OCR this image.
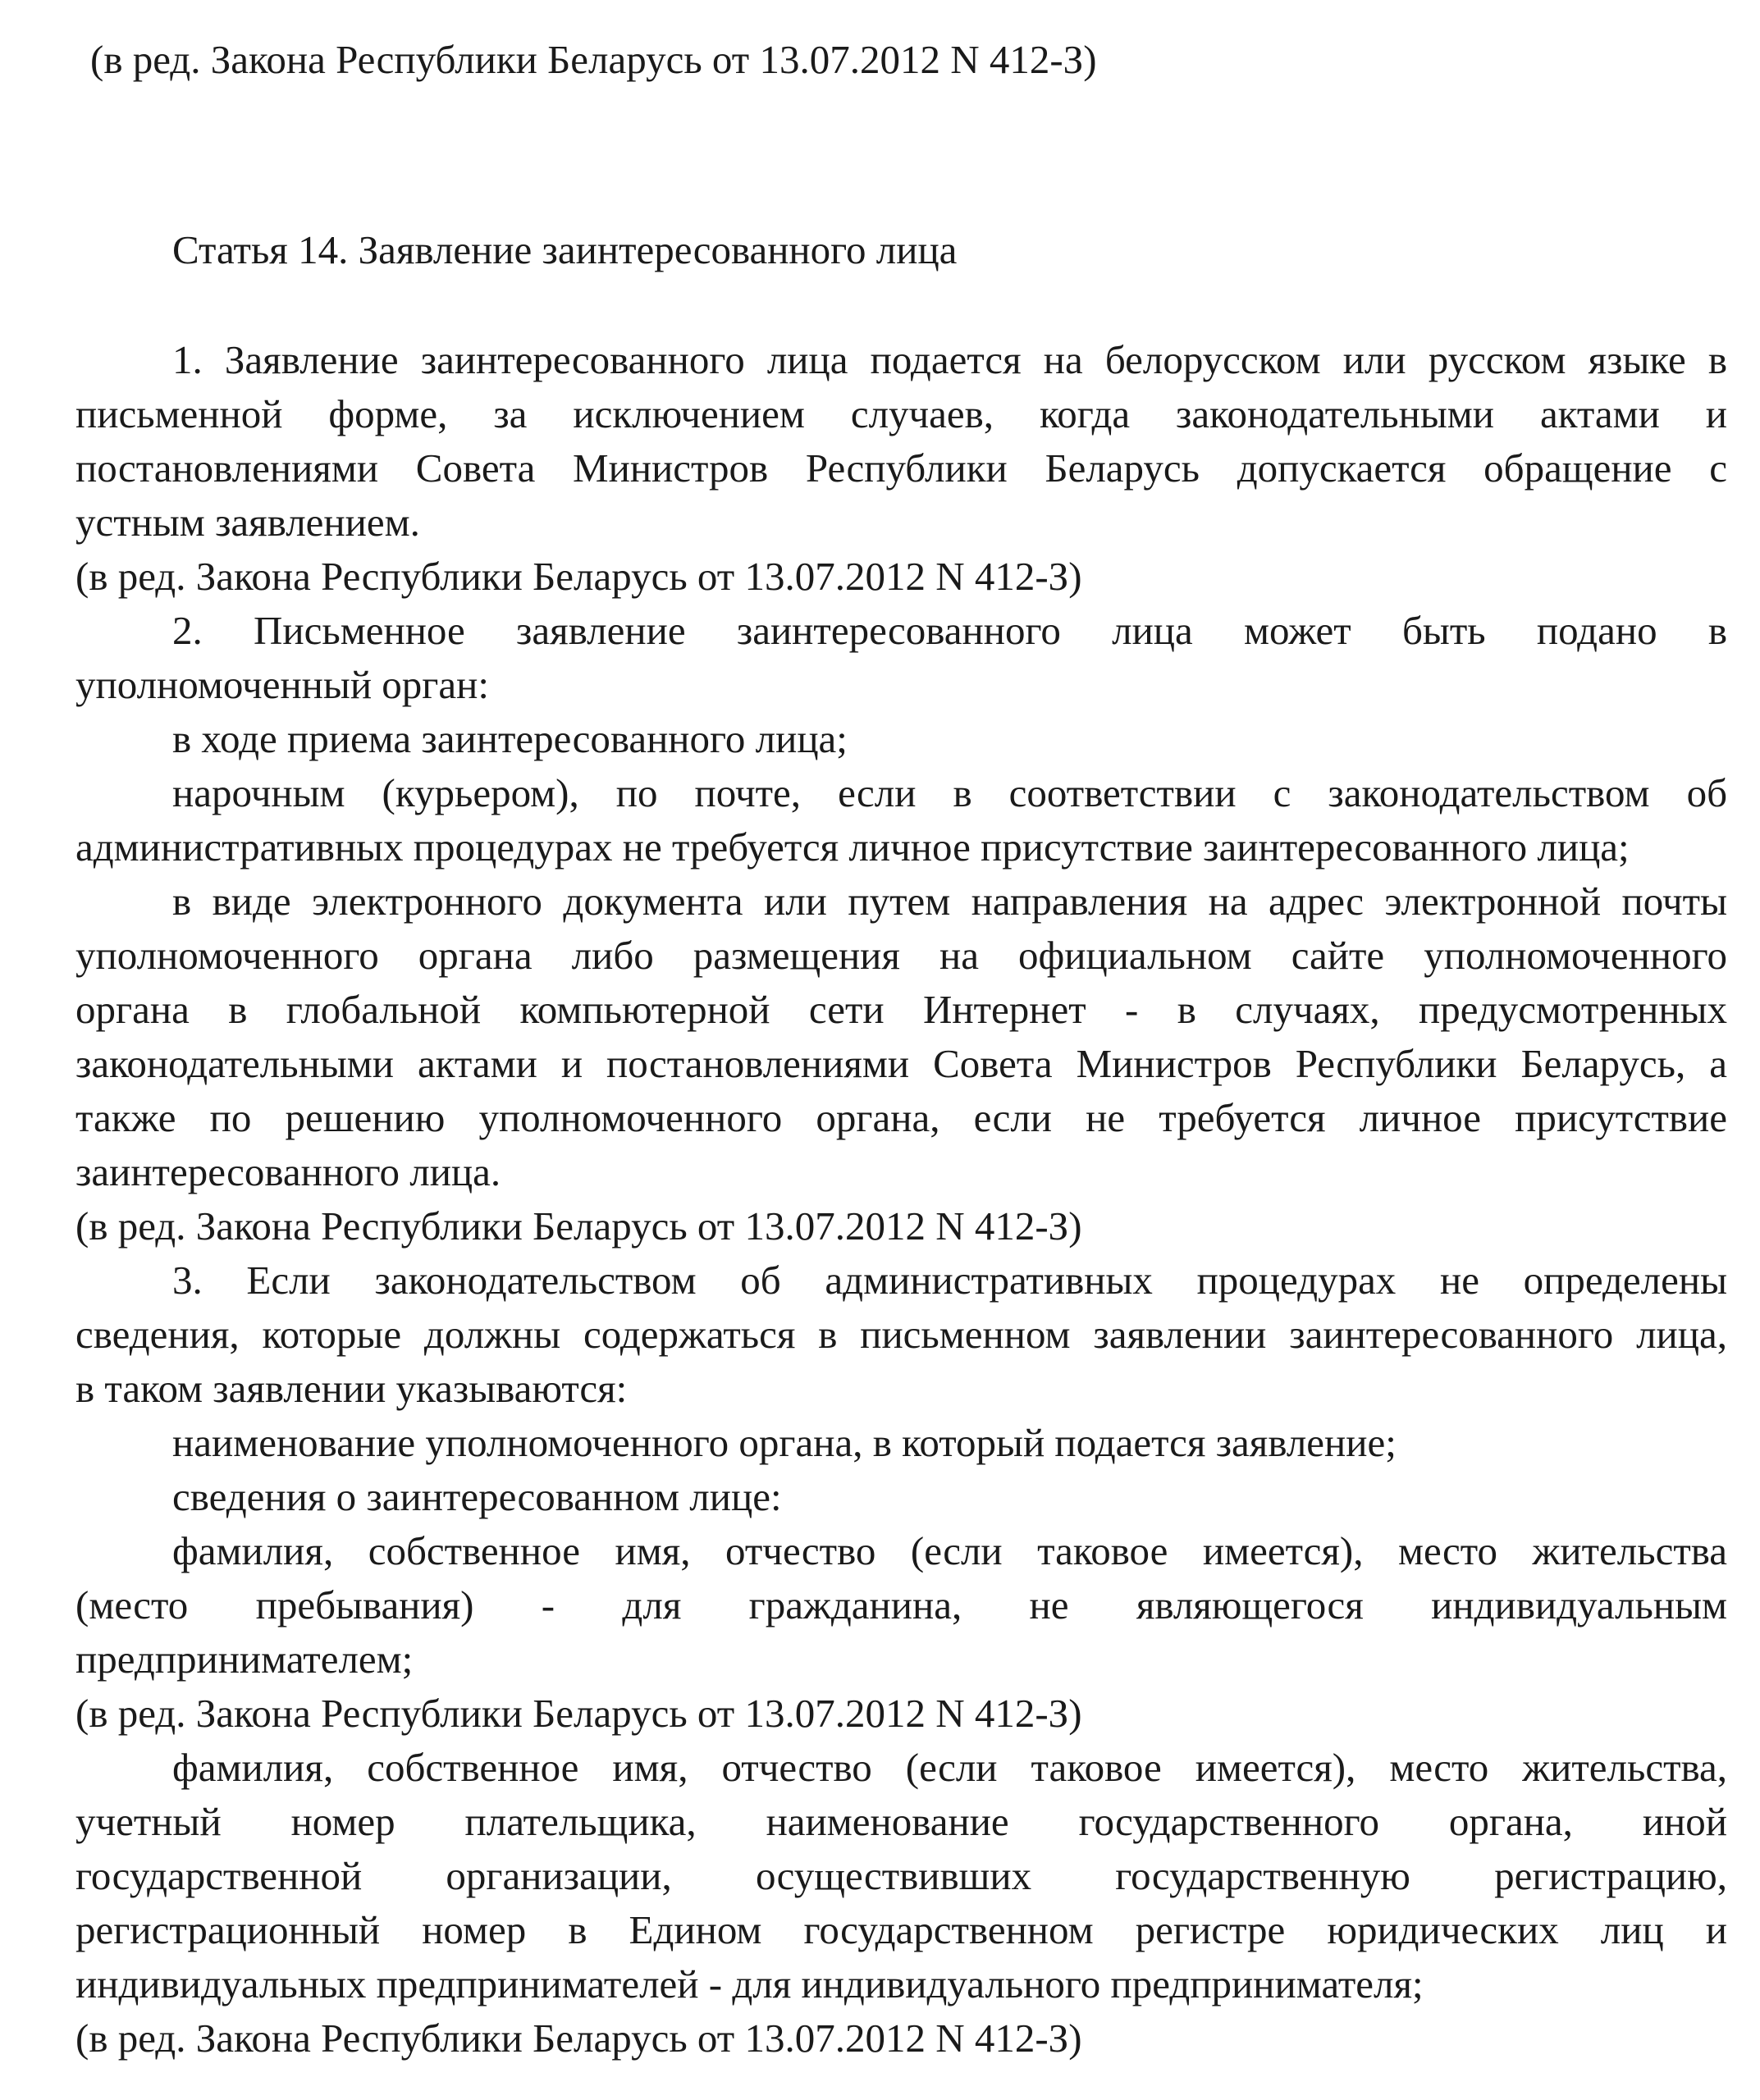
(в ред. Закона Республики Беларусь от 13.07.2012 N 412-З)

Статья 14. Заявление заинтересованного лица

1. Заявление заинтересованного лица подается на белорусском или русском языке в

письменной форме, за исключением случаев, когда законодательными актами и

постановлениями Совета Министров Республики Беларусь допускается обращение с

устным заявлением.

(в ред. Закона Республики Беларусь от 13.07.2012 N 412-З)

2. Письменное заявление заинтересованного лица может быть подано в

уполномоченный орган:

в ходе приема заинтересованного лица;

нарочным (курьером), по почте, если в соответствии с законодательством об

административных процедурах не требуется личное присутствие заинтересованного лица;

в виде электронного документа или путем направления на адрес электронной почты

уполномоченного органа либо размещения на официальном сайте уполномоченного

органа в глобальной компьютерной сети Интернет - в случаях, предусмотренных

законодательными актами и постановлениями Совета Министров Республики Беларусь, а

также по решению уполномоченного органа, если не требуется личное присутствие

заинтересованного лица.

(в ред. Закона Республики Беларусь от 13.07.2012 N 412-З)

3. Если законодательством об административных процедурах не определены

сведения, которые должны содержаться в письменном заявлении заинтересованного лица,

в таком заявлении указываются:

наименование уполномоченного органа, в который подается заявление;

сведения о заинтересованном лице:

фамилия, собственное имя, отчество (если таковое имеется), место жительства

(место пребывания) - для гражданина, не являющегося индивидуальным

предпринимателем;

(в ред. Закона Республики Беларусь от 13.07.2012 N 412-З)

фамилия, собственное имя, отчество (если таковое имеется), место жительства,

учетный номер плательщика, наименование государственного органа, иной

государственной организации, осуществивших государственную регистрацию,

регистрационный номер в Едином государственном регистре юридических лиц и

индивидуальных предпринимателей - для индивидуального предпринимателя;

(в ред. Закона Республики Беларусь от 13.07.2012 N 412-З)
